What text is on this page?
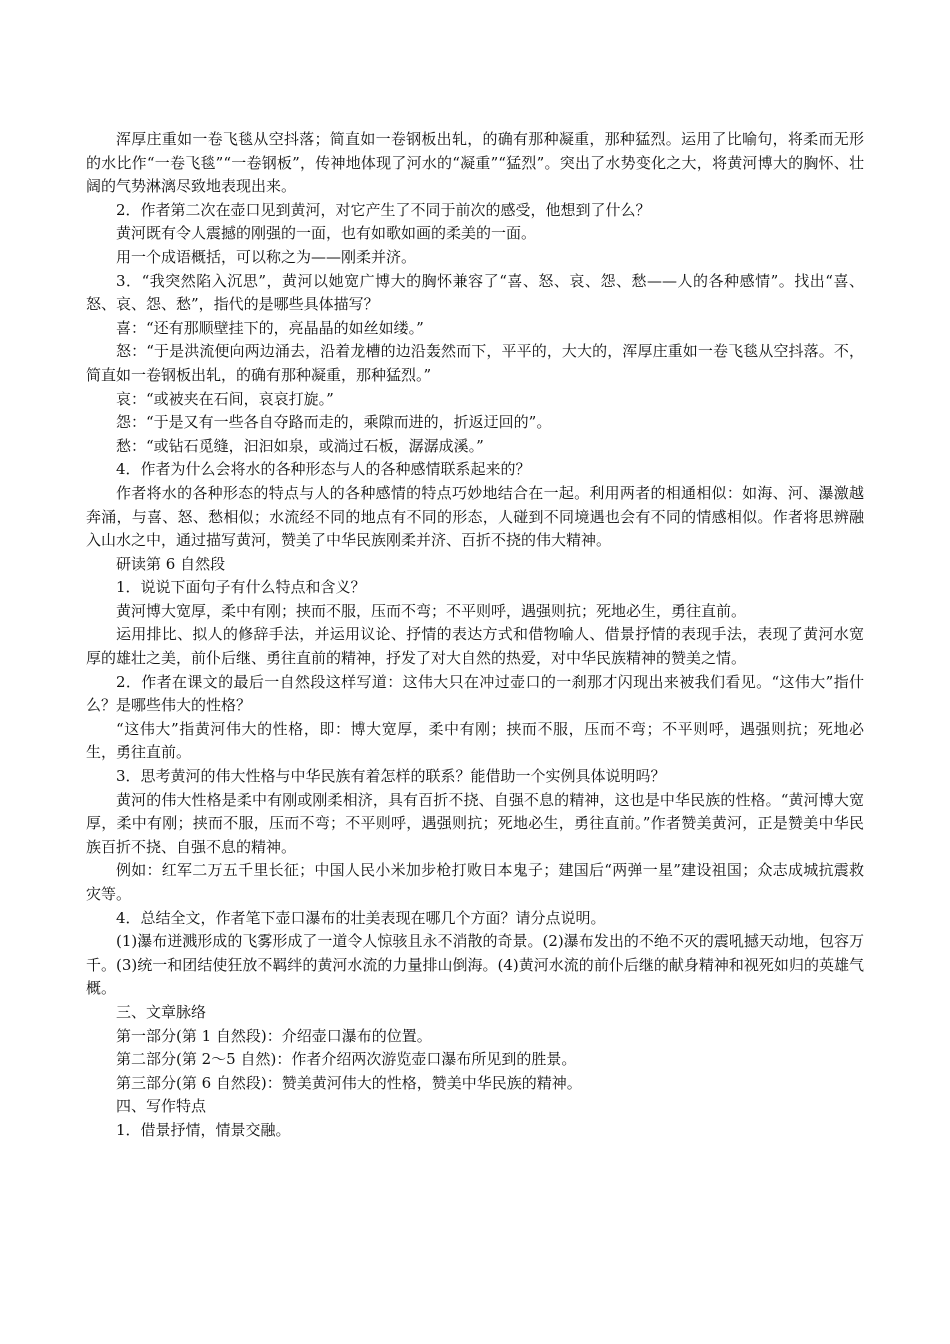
浑厚庄重如一卷飞毯从空抖落；简直如一卷钢板出轧，的确有那种凝重，那种猛烈。运用了比喻句，将柔而无形的水比作“一卷飞毯”“一卷钢板”，传神地体现了河水的“凝重”“猛烈”。突出了水势变化之大，将黄河博大的胸怀、壮阔的气势淋漓尽致地表现出来。

2．作者第二次在壶口见到黄河，对它产生了不同于前次的感受，他想到了什么？

黄河既有令人震撼的刚强的一面，也有如歌如画的柔美的一面。

用一个成语概括，可以称之为——刚柔并济。

3．“我突然陷入沉思”，黄河以她宽广博大的胸怀兼容了“喜、怒、哀、怨、愁——人的各种感情”。找出“喜、怒、哀、怨、愁”，指代的是哪些具体描写？

喜：“还有那顺壁挂下的，亮晶晶的如丝如缕。”

怒：“于是洪流便向两边涌去，沿着龙槽的边沿轰然而下，平平的，大大的，浑厚庄重如一卷飞毯从空抖落。不，简直如一卷钢板出轧，的确有那种凝重，那种猛烈。”

哀：“或被夹在石间，哀哀打旋。”

怨：“于是又有一些各自夺路而走的，乘隙而进的，折返迂回的”。

愁：“或钻石觅缝，汩汩如泉，或淌过石板，潺潺成溪。”

4．作者为什么会将水的各种形态与人的各种感情联系起来的？

作者将水的各种形态的特点与人的各种感情的特点巧妙地结合在一起。利用两者的相通相似：如海、河、瀑激越奔涌，与喜、怒、愁相似；水流经不同的地点有不同的形态，人碰到不同境遇也会有不同的情感相似。作者将思辨融入山水之中，通过描写黄河，赞美了中华民族刚柔并济、百折不挠的伟大精神。

研读第 6 自然段

1．说说下面句子有什么特点和含义？

黄河博大宽厚，柔中有刚；挟而不服，压而不弯；不平则呼，遇强则抗；死地必生，勇往直前。

运用排比、拟人的修辞手法，并运用议论、抒情的表达方式和借物喻人、借景抒情的表现手法，表现了黄河水宽厚的雄壮之美，前仆后继、勇往直前的精神，抒发了对大自然的热爱，对中华民族精神的赞美之情。

2．作者在课文的最后一自然段这样写道：这伟大只在冲过壶口的一刹那才闪现出来被我们看见。“这伟大”指什么？是哪些伟大的性格？

“这伟大”指黄河伟大的性格，即：博大宽厚，柔中有刚；挟而不服，压而不弯；不平则呼，遇强则抗；死地必生，勇往直前。

3．思考黄河的伟大性格与中华民族有着怎样的联系？能借助一个实例具体说明吗？

黄河的伟大性格是柔中有刚或刚柔相济，具有百折不挠、自强不息的精神，这也是中华民族的性格。“黄河博大宽厚，柔中有刚；挟而不服，压而不弯；不平则呼，遇强则抗；死地必生，勇往直前。”作者赞美黄河，正是赞美中华民族百折不挠、自强不息的精神。

例如：红军二万五千里长征；中国人民小米加步枪打败日本鬼子；建国后“两弹一星”建设祖国；众志成城抗震救灾等。

4．总结全文，作者笔下壶口瀑布的壮美表现在哪几个方面？请分点说明。

(1)瀑布迸溅形成的飞雾形成了一道令人惊骇且永不消散的奇景。(2)瀑布发出的不绝不灭的震吼撼天动地，包容万千。(3)统一和团结使狂放不羁绊的黄河水流的力量排山倒海。(4)黄河水流的前仆后继的献身精神和视死如归的英雄气概。

三、文章脉络

第一部分(第 1 自然段)：介绍壶口瀑布的位置。

第二部分(第 2～5 自然)：作者介绍两次游览壶口瀑布所见到的胜景。

第三部分(第 6 自然段)：赞美黄河伟大的性格，赞美中华民族的精神。

四、写作特点

1．借景抒情，情景交融。
